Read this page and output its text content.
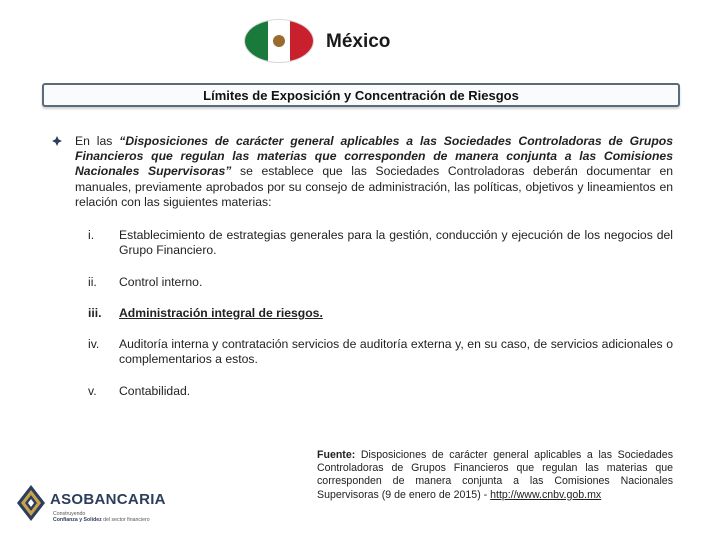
México
Límites de Exposición y Concentración de Riesgos
En las “Disposiciones de carácter general aplicables a las Sociedades Controladoras de Grupos Financieros que regulan las materias que corresponden de manera conjunta a las Comisiones Nacionales Supervisoras” se establece que las Sociedades Controladoras deberán documentar en manuales, previamente aprobados por su consejo de administración, las políticas, objetivos y lineamientos en relación con las siguientes materias:
i.	Establecimiento de estrategias generales para la gestión, conducción y ejecución de los negocios del Grupo Financiero.
ii.	Control interno.
iii.	Administración integral de riesgos.
iv.	Auditoría interna y contratación servicios de auditoría externa y, en su caso, de servicios adicionales o complementarios a estos.
v.	Contabilidad.
Fuente: Disposiciones de carácter general aplicables a las Sociedades Controladoras de Grupos Financieros que regulan las materias que corresponden de manera conjunta a las Comisiones Nacionales Supervisoras (9 de enero de 2015) - http://www.cnbv.gob.mx
ASOBANCARIA
Construyendo
Confianza y Solidez del sector financiero
